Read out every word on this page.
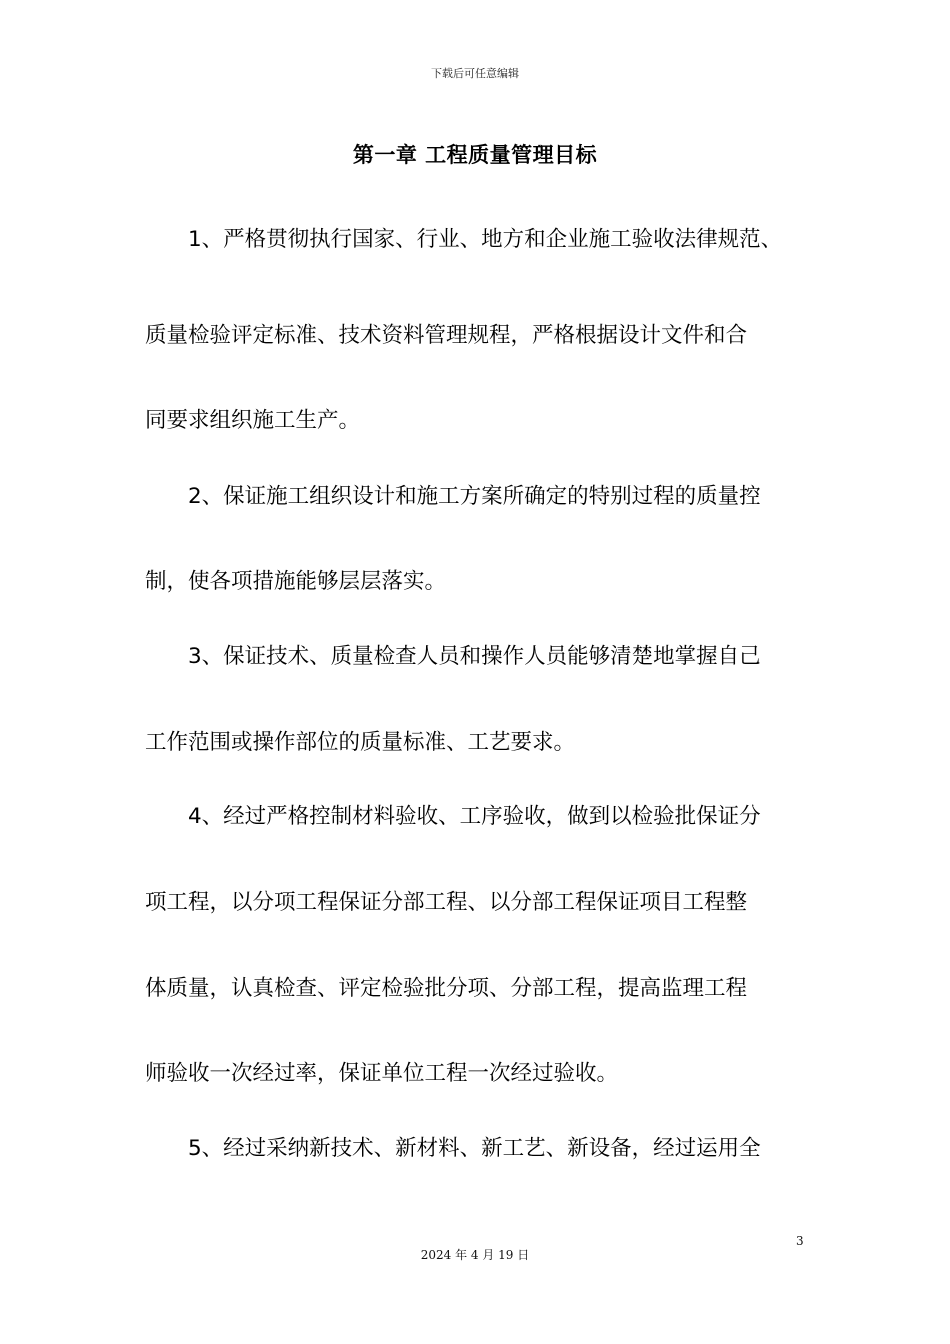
下载后可任意编辑
第一章 工程质量管理目标
1、严格贯彻执行国家、行业、地方和企业施工验收法律规范、
质量检验评定标准、技术资料管理规程，严格根据设计文件和合
同要求组织施工生产。
2、保证施工组织设计和施工方案所确定的特别过程的质量控
制，使各项措施能够层层落实。
3、保证技术、质量检查人员和操作人员能够清楚地掌握自己
工作范围或操作部位的质量标准、工艺要求。
4、经过严格控制材料验收、工序验收，做到以检验批保证分
项工程，以分项工程保证分部工程、以分部工程保证项目工程整
体质量，认真检查、评定检验批分项、分部工程，提高监理工程
师验收一次经过率，保证单位工程一次经过验收。
5、经过采纳新技术、新材料、新工艺、新设备，经过运用全
3
2024 年 4 月 19 日
